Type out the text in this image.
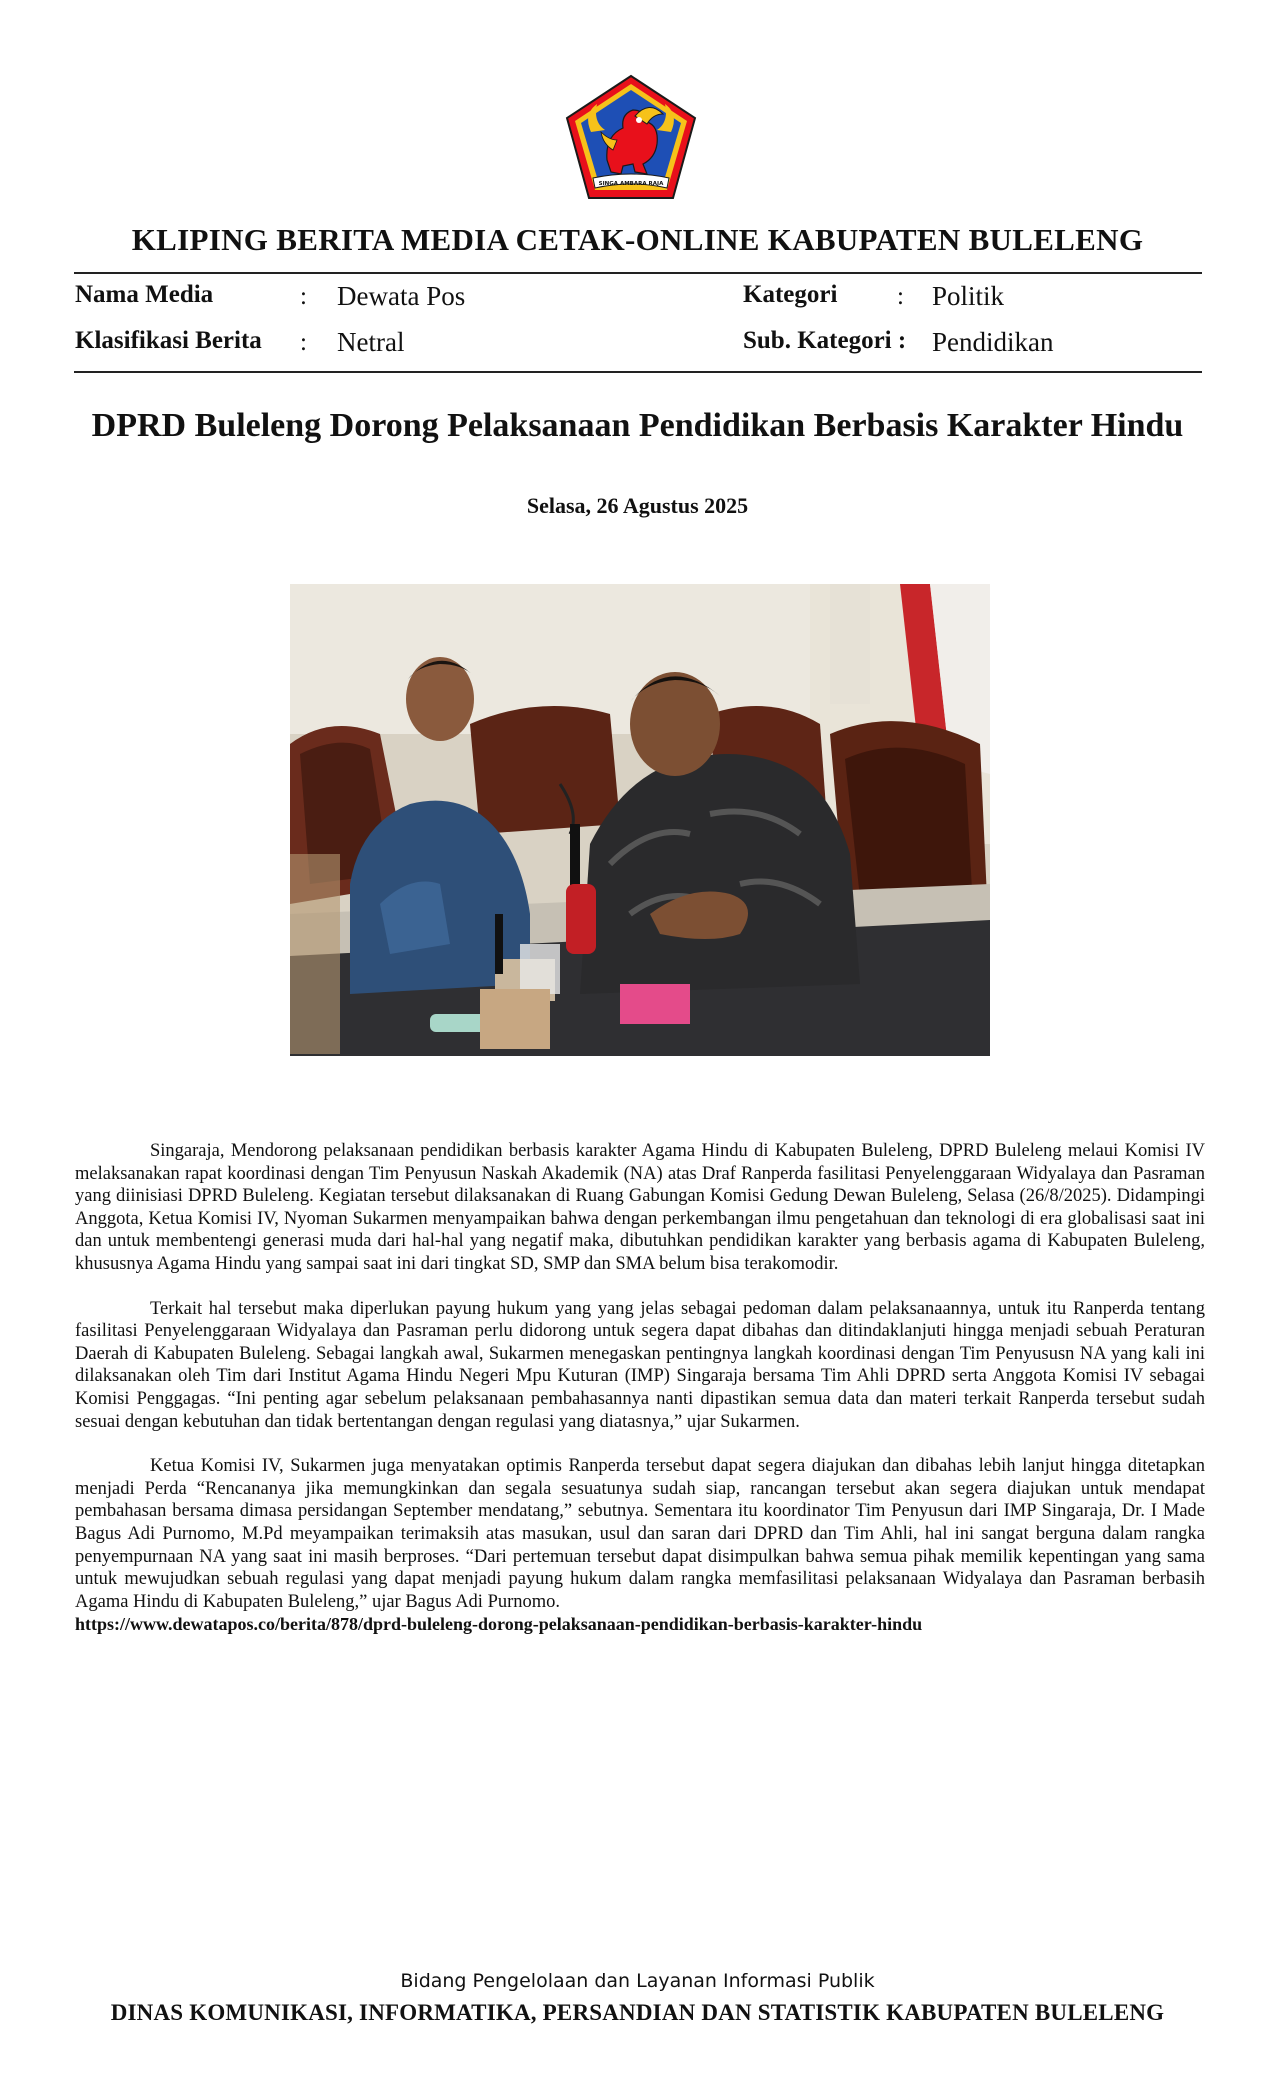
SINGA AMBARA RAJA
KLIPING BERITA MEDIA CETAK-ONLINE KABUPATEN BULELENG
Nama Media	: Dewata Pos	Kategori : Politik
Klasifikasi Berita : Netral	Sub. Kategori : Pendidikan
DPRD Buleleng Dorong Pelaksanaan Pendidikan Berbasis Karakter Hindu
Selasa, 26 Agustus 2025

Singaraja, Mendorong pelaksanaan pendidikan berbasis karakter Agama Hindu di Kabupaten Buleleng, DPRD Buleleng melaui Komisi IV melaksanakan rapat koordinasi dengan Tim Penyusun Naskah Akademik (NA) atas Draf Ranperda fasilitasi Penyelenggaraan Widyalaya dan Pasraman yang diinisiasi DPRD Buleleng. Kegiatan tersebut dilaksanakan di Ruang Gabungan Komisi Gedung Dewan Buleleng, Selasa (26/8/2025). Didampingi Anggota, Ketua Komisi IV, Nyoman Sukarmen menyampaikan bahwa dengan perkembangan ilmu pengetahuan dan teknologi di era globalisasi saat ini dan untuk membentengi generasi muda dari hal-hal yang negatif maka, dibutuhkan pendidikan karakter yang berbasis agama di Kabupaten Buleleng, khususnya Agama Hindu yang sampai saat ini dari tingkat SD, SMP dan SMA belum bisa terakomodir.

Terkait hal tersebut maka diperlukan payung hukum yang yang jelas sebagai pedoman dalam pelaksanaannya, untuk itu Ranperda tentang fasilitasi Penyelenggaraan Widyalaya dan Pasraman perlu didorong untuk segera dapat dibahas dan ditindaklanjuti hingga menjadi sebuah Peraturan Daerah di Kabupaten Buleleng. Sebagai langkah awal, Sukarmen menegaskan pentingnya langkah koordinasi dengan Tim Penyususn NA yang kali ini dilaksanakan oleh Tim dari Institut Agama Hindu Negeri Mpu Kuturan (IMP) Singaraja bersama Tim Ahli DPRD serta Anggota Komisi IV sebagai Komisi Penggagas. “Ini penting agar sebelum pelaksanaan pembahasannya nanti dipastikan semua data dan materi terkait Ranperda tersebut sudah sesuai dengan kebutuhan dan tidak bertentangan dengan regulasi yang diatasnya,” ujar Sukarmen.

Ketua Komisi IV, Sukarmen juga menyatakan optimis Ranperda tersebut dapat segera diajukan dan dibahas lebih lanjut hingga ditetapkan menjadi Perda “Rencananya jika memungkinkan dan segala sesuatunya sudah siap, rancangan tersebut akan segera diajukan untuk mendapat pembahasan bersama dimasa persidangan September mendatang,” sebutnya. Sementara itu koordinator Tim Penyusun dari IMP Singaraja, Dr. I Made Bagus Adi Purnomo, M.Pd meyampaikan terimaksih atas masukan, usul dan saran dari DPRD dan Tim Ahli, hal ini sangat berguna dalam rangka penyempurnaan NA yang saat ini masih berproses. “Dari pertemuan tersebut dapat disimpulkan bahwa semua pihak memilik kepentingan yang sama untuk mewujudkan sebuah regulasi yang dapat menjadi payung hukum dalam rangka memfasilitasi pelaksanaan Widyalaya dan Pasraman berbasih Agama Hindu di Kabupaten Buleleng,” ujar Bagus Adi Purnomo.

https://www.dewatapos.co/berita/878/dprd-buleleng-dorong-pelaksanaan-pendidikan-berbasis-karakter-hindu
Bidang Pengelolaan dan Layanan Informasi Publik
DINAS KOMUNIKASI, INFORMATIKA, PERSANDIAN DAN STATISTIK KABUPATEN BULELENG
